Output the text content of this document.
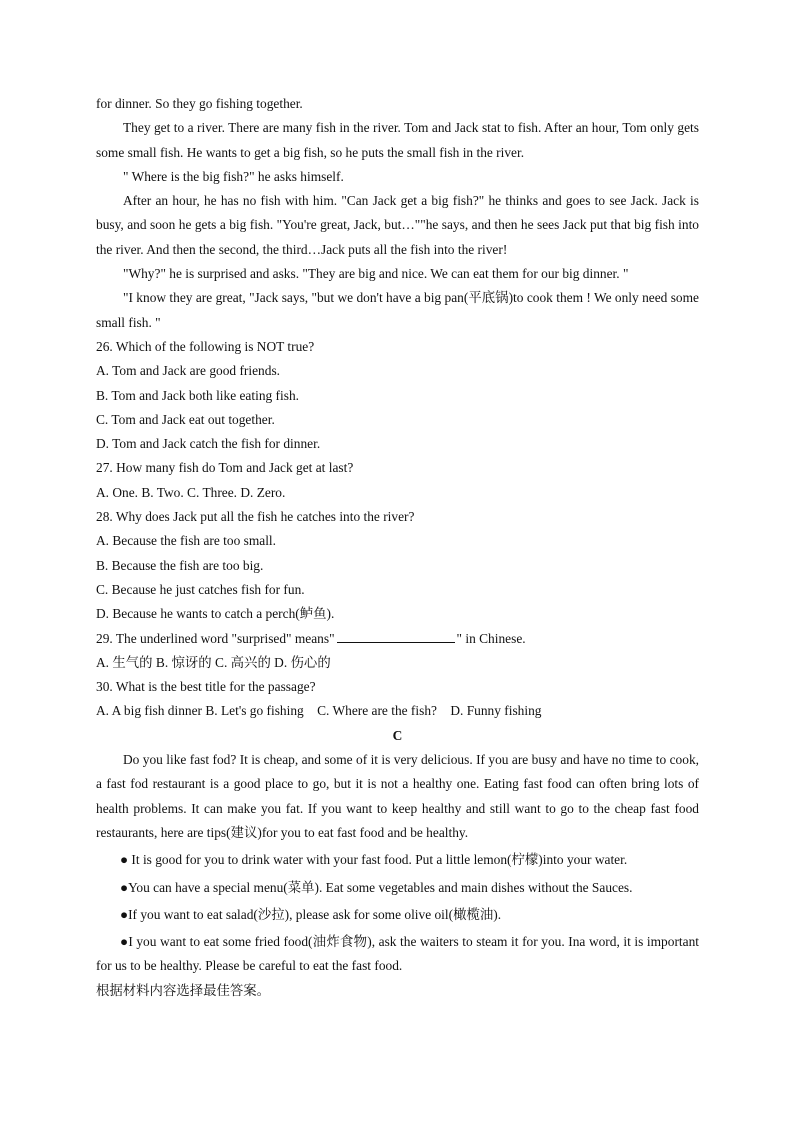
for dinner. So they go fishing together.

They get to a river. There are many fish in the river. Tom and Jack stat to fish. After an hour, Tom only gets some small fish. He wants to get a big fish, so he puts the small fish in the river.

" Where is the big fish?" he asks himself.

After an hour, he has no fish with him. "Can Jack get a big fish?" he thinks and goes to see Jack. Jack is busy, and soon he gets a big fish. "You're great, Jack, but…""he says, and then he sees Jack put that big fish into the river. And then the second, the third…Jack puts all the fish into the river!

"Why?" he is surprised and asks. "They are big and nice. We can eat them for our big dinner. "

"I know they are great, "Jack says, "but we don't have a big pan(平底锅)to cook them ! We only need some small fish. "

26. Which of the following is NOT true?

A. Tom and Jack are good friends.

B. Tom and Jack both like eating fish.

C. Tom and Jack eat out together.

D. Tom and Jack catch the fish for dinner.

27. How many fish do Tom and Jack get at last?

A. One. B. Two. C. Three. D. Zero.

28. Why does Jack put all the fish he catches into the river?

A. Because the fish are too small.

B. Because the fish are too big.

C. Because he just catches fish for fun.

D. Because he wants to catch a perch(鲈鱼).

29. The underlined word "surprised" means"	" in Chinese.

A. 生气的 B. 惊讶的 C. 高兴的 D. 伤心的

30. What is the best title for the passage?

A. A big fish dinner B. Let's go fishing    C. Where are the fish?    D. Funny fishing

C

Do you like fast fod? It is cheap, and some of it is very delicious. If you are busy and have no time to cook, a fast fod restaurant is a good place to go, but it is not a healthy one. Eating fast food can often bring lots of health problems. It can make you fat. If you want to keep healthy and still want to go to the cheap fast food restaurants, here are tips(建议)for you to eat fast food and be healthy.

● It is good for you to drink water with your fast food. Put a little lemon(柠檬)into your water.

●You can have a special menu(菜单). Eat some vegetables and main dishes without the Sauces.

●If you want to eat salad(沙拉), please ask for some olive oil(橄榄油).

●I you want to eat some fried food(油炸食物), ask the waiters to steam it for you. Ina word, it is important for us to be healthy. Please be careful to eat the fast food.

根据材料内容选择最佳答案。
